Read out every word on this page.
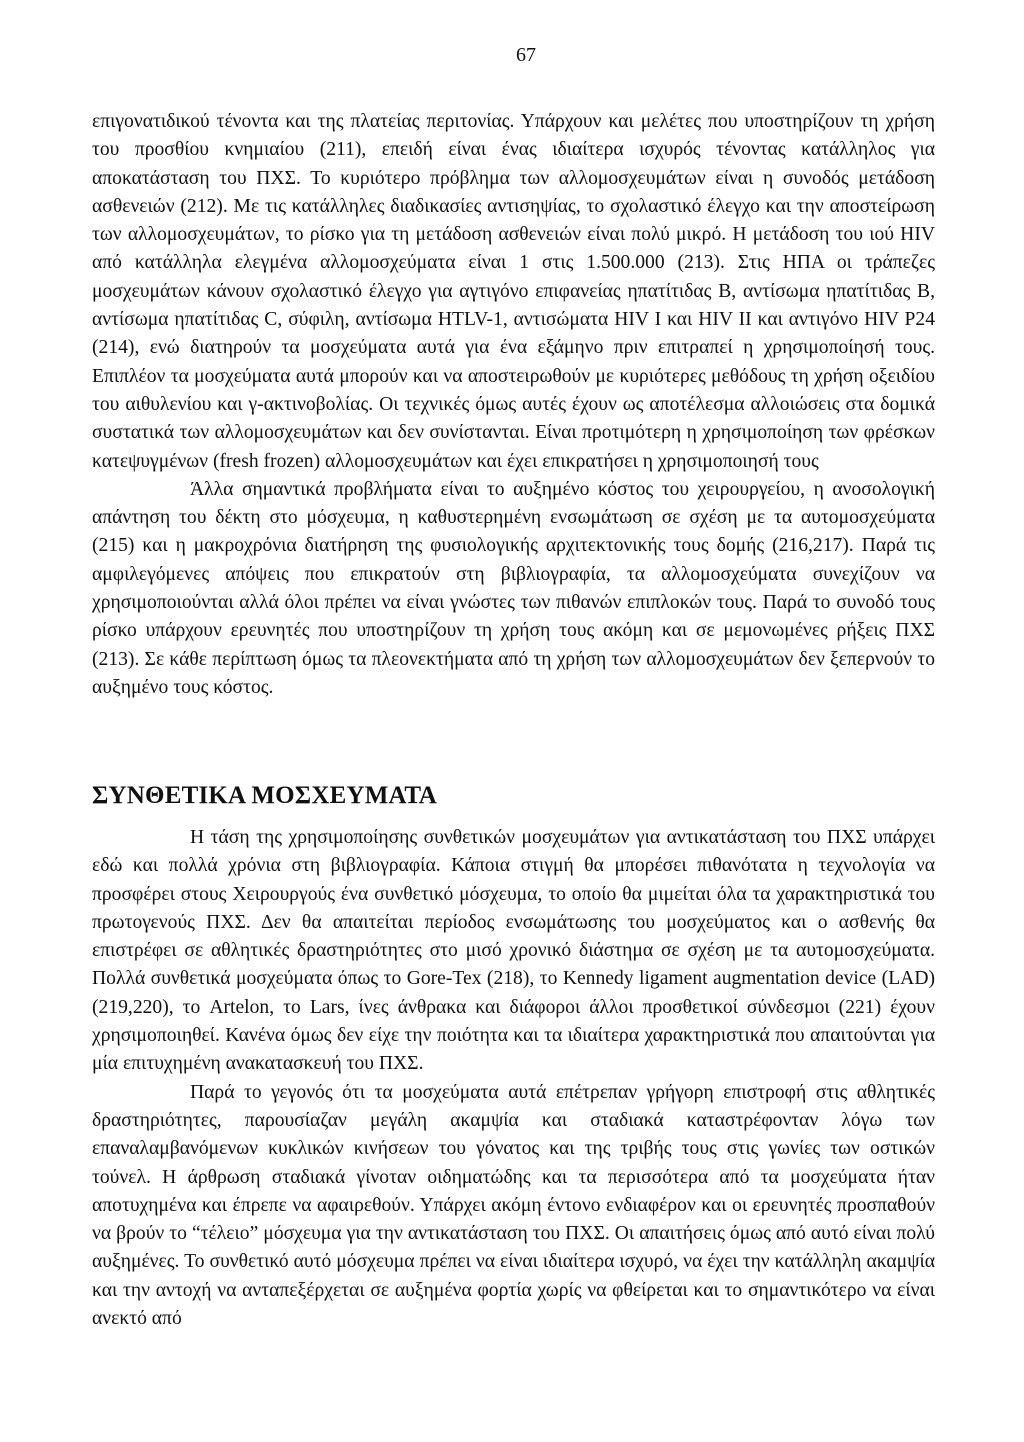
67

επιγονατιδικού τένοντα και της πλατείας περιτονίας. Υπάρχουν και μελέτες που υποστηρίζουν τη χρήση του προσθίου κνημιαίου (211), επειδή είναι ένας ιδιαίτερα ισχυρός τένοντας κατάλληλος για αποκατάσταση του ΠΧΣ. Το κυριότερο πρόβλημα των αλλομοσχευμάτων είναι η συνοδός μετάδοση ασθενειών (212). Με τις κατάλληλες διαδικασίες αντισηψίας, το σχολαστικό έλεγχο και την αποστείρωση των αλλομοσχευμάτων, το ρίσκο για τη μετάδοση ασθενειών είναι πολύ μικρό. Η μετάδοση του ιού HIV από κατάλληλα ελεγμένα αλλομοσχεύματα είναι 1 στις 1.500.000 (213). Στις ΗΠΑ οι τράπεζες μοσχευμάτων κάνουν σχολαστικό έλεγχο για αγτιγόνο επιφανείας ηπατίτιδας Β, αντίσωμα ηπατίτιδας Β, αντίσωμα ηπατίτιδας C, σύφιλη, αντίσωμα HTLV-1, αντισώματα HIV I και HIV II και αντιγόνο HIV P24 (214), ενώ διατηρούν τα μοσχεύματα αυτά για ένα εξάμηνο πριν επιτραπεί η χρησιμοποίησή τους. Επιπλέον τα μοσχεύματα αυτά μπορούν και να αποστειρωθούν με κυριότερες μεθόδους τη χρήση οξειδίου του αιθυλενίου και γ-ακτινοβολίας. Οι τεχνικές όμως αυτές έχουν ως αποτέλεσμα αλλοιώσεις στα δομικά συστατικά των αλλομοσχευμάτων και δεν συνίστανται. Είναι προτιμότερη η χρησιμοποίηση των φρέσκων κατεψυγμένων (fresh frozen) αλλομοσχευμάτων και έχει επικρατήσει η χρησιμοποιησή τους

Άλλα σημαντικά προβλήματα είναι το αυξημένο κόστος του χειρουργείου, η ανοσολογική απάντηση του δέκτη στο μόσχευμα, η καθυστερημένη ενσωμάτωση σε σχέση με τα αυτομοσχεύματα (215) και η μακροχρόνια διατήρηση της φυσιολογικής αρχιτεκτονικής τους δομής (216,217). Παρά τις αμφιλεγόμενες απόψεις που επικρατούν στη βιβλιογραφία, τα αλλομοσχεύματα συνεχίζουν να χρησιμοποιούνται αλλά όλοι πρέπει να είναι γνώστες των πιθανών επιπλοκών τους. Παρά το συνοδό τους ρίσκο υπάρχουν ερευνητές που υποστηρίζουν τη χρήση τους ακόμη και σε μεμονωμένες ρήξεις ΠΧΣ (213). Σε κάθε περίπτωση όμως τα πλεονεκτήματα από τη χρήση των αλλομοσχευμάτων δεν ξεπερνούν το αυξημένο τους κόστος.

ΣΥΝΘΕΤΙΚΑ ΜΟΣΧΕΥΜΑΤΑ

Η τάση της χρησιμοποίησης συνθετικών μοσχευμάτων για αντικατάσταση του ΠΧΣ υπάρχει εδώ και πολλά χρόνια στη βιβλιογραφία. Κάποια στιγμή θα μπορέσει πιθανότατα η τεχνολογία να προσφέρει στους Χειρουργούς ένα συνθετικό μόσχευμα, το οποίο θα μιμείται όλα τα χαρακτηριστικά του πρωτογενούς ΠΧΣ. Δεν θα απαιτείται περίοδος ενσωμάτωσης του μοσχεύματος και ο ασθενής θα επιστρέφει σε αθλητικές δραστηριότητες στο μισό χρονικό διάστημα σε σχέση με τα αυτομοσχεύματα. Πολλά συνθετικά μοσχεύματα όπως το Gore-Tex (218), το Kennedy ligament augmentation device (LAD) (219,220), το Artelon, το Lars, ίνες άνθρακα και διάφοροι άλλοι προσθετικοί σύνδεσμοι (221) έχουν χρησιμοποιηθεί. Κανένα όμως δεν είχε την ποιότητα και τα ιδιαίτερα χαρακτηριστικά που απαιτούνται για μία επιτυχημένη ανακατασκευή του ΠΧΣ.

Παρά το γεγονός ότι τα μοσχεύματα αυτά επέτρεπαν γρήγορη επιστροφή στις αθλητικές δραστηριότητες, παρουσίαζαν μεγάλη ακαμψία και σταδιακά καταστρέφονταν λόγω των επαναλαμβανόμενων κυκλικών κινήσεων του γόνατος και της τριβής τους στις γωνίες των οστικών τούνελ. Η άρθρωση σταδιακά γίνοταν οιδηματώδης και τα περισσότερα από τα μοσχεύματα ήταν αποτυχημένα και έπρεπε να αφαιρεθούν. Υπάρχει ακόμη έντονο ενδιαφέρον και οι ερευνητές προσπαθούν να βρούν το “τέλειο” μόσχευμα για την αντικατάσταση του ΠΧΣ. Οι απαιτήσεις όμως από αυτό είναι πολύ αυξημένες. Το συνθετικό αυτό μόσχευμα πρέπει να είναι ιδιαίτερα ισχυρό, να έχει την κατάλληλη ακαμψία και την αντοχή να ανταπεξέρχεται σε αυξημένα φορτία χωρίς να φθείρεται και το σημαντικότερο να είναι ανεκτό από
